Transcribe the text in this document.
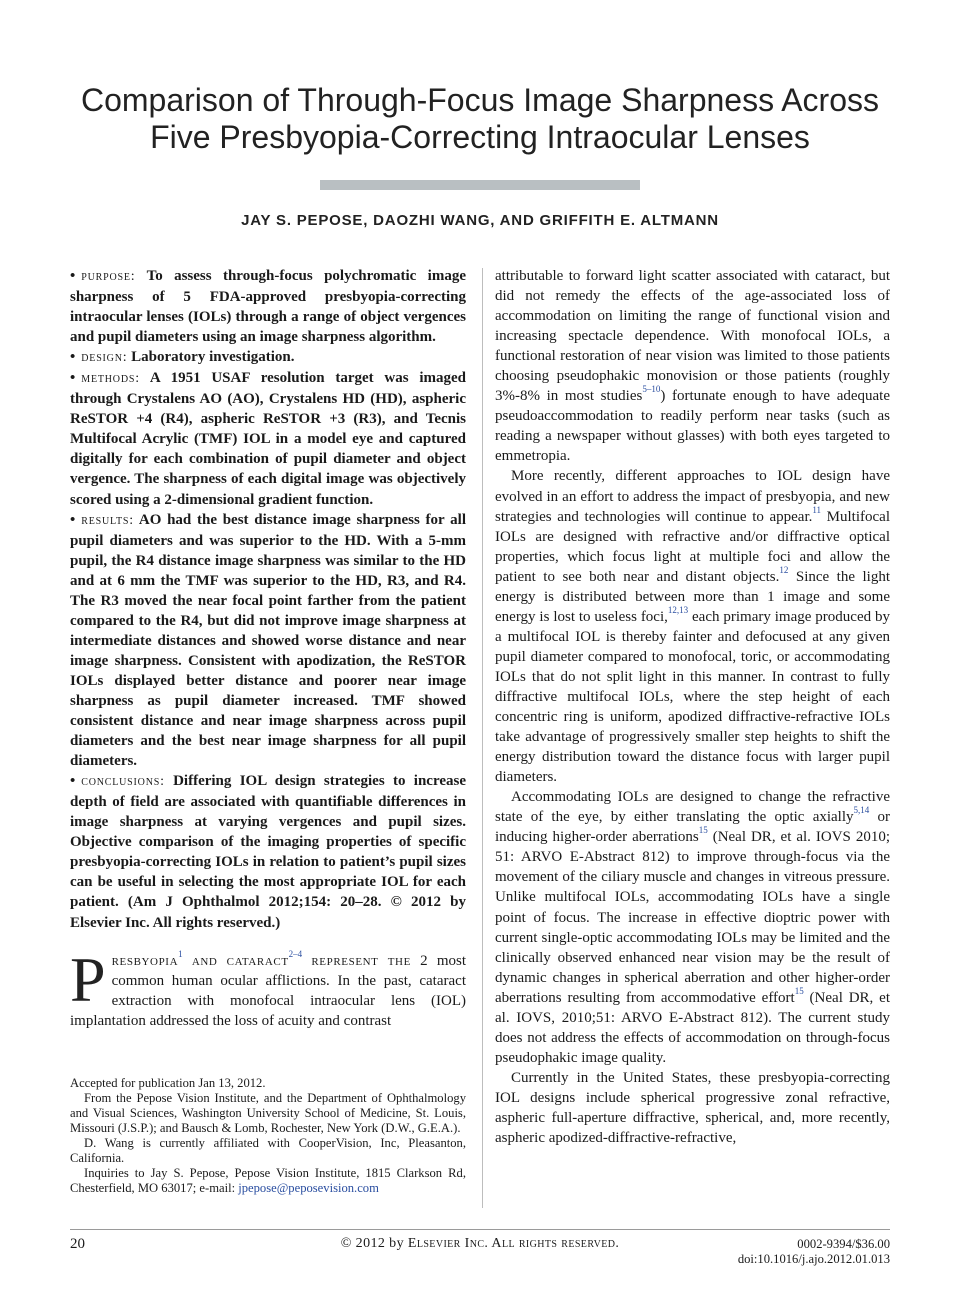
Comparison of Through-Focus Image Sharpness Across
Five Presbyopia-Correcting Intraocular Lenses
JAY S. PEPOSE, DAOZHI WANG, AND GRIFFITH E. ALTMANN

• purpose: To assess through-focus polychromatic image sharpness of 5 FDA-approved presbyopia-correcting intraocular lenses (IOLs) through a range of object vergences and pupil diameters using an image sharpness algorithm.

• design: Laboratory investigation.

• methods: A 1951 USAF resolution target was imaged through Crystalens AO (AO), Crystalens HD (HD), aspheric ReSTOR +4 (R4), aspheric ReSTOR +3 (R3), and Tecnis Multifocal Acrylic (TMF) IOL in a model eye and captured digitally for each combination of pupil diameter and object vergence. The sharpness of each digital image was objectively scored using a 2-dimensional gradient function.

• results: AO had the best distance image sharpness for all pupil diameters and was superior to the HD. With a 5-mm pupil, the R4 distance image sharpness was similar to the HD and at 6 mm the TMF was superior to the HD, R3, and R4. The R3 moved the near focal point farther from the patient compared to the R4, but did not improve image sharpness at intermediate distances and showed worse distance and near image sharpness. Consistent with apodization, the ReSTOR IOLs displayed better distance and poorer near image sharpness as pupil diameter increased. TMF showed consistent distance and near image sharpness across pupil diameters and the best near image sharpness for all pupil diameters.

• conclusions: Differing IOL design strategies to increase depth of field are associated with quantifiable differences in image sharpness at varying vergences and pupil sizes. Objective comparison of the imaging properties of specific presbyopia-correcting IOLs in relation to patient’s pupil sizes can be useful in selecting the most appropriate IOL for each patient. (Am J Ophthalmol 2012;154: 20–28. © 2012 by Elsevier Inc. All rights reserved.)

Presbyopia$^1$ and cataract$^{2-4}$ represent the 2 most common human ocular afflictions. In the past, cataract extraction with monofocal intraocular lens (IOL) implantation addressed the loss of acuity and contrast

Accepted for publication Jan 13, 2012.

From the Pepose Vision Institute, and the Department of Ophthalmology and Visual Sciences, Washington University School of Medicine, St. Louis, Missouri (J.S.P.); and Bausch & Lomb, Rochester, New York (D.W., G.E.A.).

D. Wang is currently affiliated with CooperVision, Inc, Pleasanton, California.

Inquiries to Jay S. Pepose, Pepose Vision Institute, 1815 Clarkson Rd, Chesterfield, MO 63017; e-mail: jpepose@peposevision.com

attributable to forward light scatter associated with cataract, but did not remedy the effects of the age-associated loss of accommodation on limiting the range of functional vision and increasing spectacle dependence. With monofocal IOLs, a functional restoration of near vision was limited to those patients choosing pseudophakic monovision or those patients (roughly 3%-8% in most studies$^{5-10}$) fortunate enough to have adequate pseudoaccommodation to readily perform near tasks (such as reading a newspaper without glasses) with both eyes targeted to emmetropia.

More recently, different approaches to IOL design have evolved in an effort to address the impact of presbyopia, and new strategies and technologies will continue to appear.$^{11}$ Multifocal IOLs are designed with refractive and/or diffractive optical properties, which focus light at multiple foci and allow the patient to see both near and distant objects.$^{12}$ Since the light energy is distributed between more than 1 image and some energy is lost to useless foci,$^{12,13}$ each primary image produced by a multifocal IOL is thereby fainter and defocused at any given pupil diameter compared to monofocal, toric, or accommodating IOLs that do not split light in this manner. In contrast to fully diffractive multifocal IOLs, where the step height of each concentric ring is uniform, apodized diffractive-refractive IOLs take advantage of progressively smaller step heights to shift the energy distribution toward the distance focus with larger pupil diameters.

Accommodating IOLs are designed to change the refractive state of the eye, by either translating the optic axially$^{5,14}$ or inducing higher-order aberrations$^{15}$ (Neal DR, et al. IOVS 2010; 51: ARVO E-Abstract 812) to improve through-focus via the movement of the ciliary muscle and changes in vitreous pressure. Unlike multifocal IOLs, accommodating IOLs have a single point of focus. The increase in effective dioptric power with current single-optic accommodating IOLs may be limited and the clinically observed enhanced near vision may be the result of dynamic changes in spherical aberration and other higher-order aberrations resulting from accommodative effort$^{15}$ (Neal DR, et al. IOVS, 2010;51: ARVO E-Abstract 812). The current study does not address the effects of accommodation on through-focus pseudophakic image quality.

Currently in the United States, these presbyopia-correcting IOL designs include spherical progressive zonal refractive, aspheric full-aperture diffractive, spherical, and, more recently, aspheric apodized-diffractive-refractive,

20	© 2012 by Elsevier Inc. All rights reserved.	0002-9394/$36.00
doi:10.1016/j.ajo.2012.01.013
